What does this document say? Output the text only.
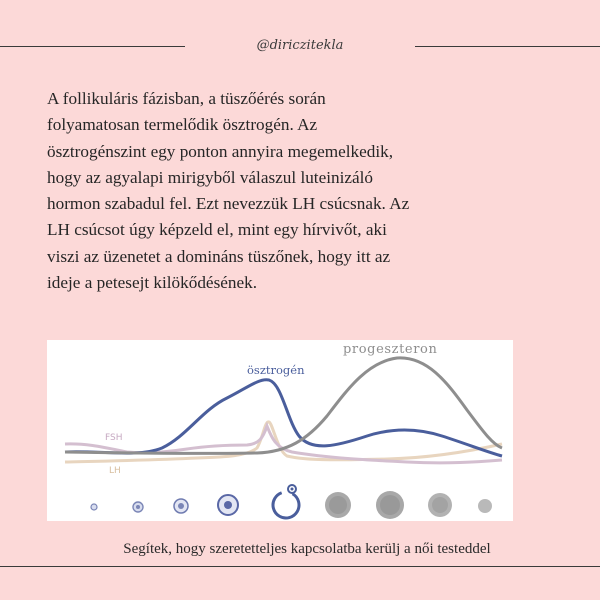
@diriczitekla
A follikuláris fázisban, a tüszőérés során
folyamatosan termelődik ösztrogén. Az
ösztrogénszint egy ponton annyira megemelkedik,
hogy az agyalapi mirigyből válaszul luteinizáló
hormon szabadul fel. Ezt nevezzük LH csúcsnak. Az
LH csúcsot úgy képzeld el, mint egy hírvivőt, aki
viszi az üzenetet a domináns tüszőnek, hogy itt az
ideje a petesejt kilökődésének.
progeszteron
ösztrogén
FSH
LH
Segítek, hogy szeretetteljes kapcsolatba kerülj a női testeddel
